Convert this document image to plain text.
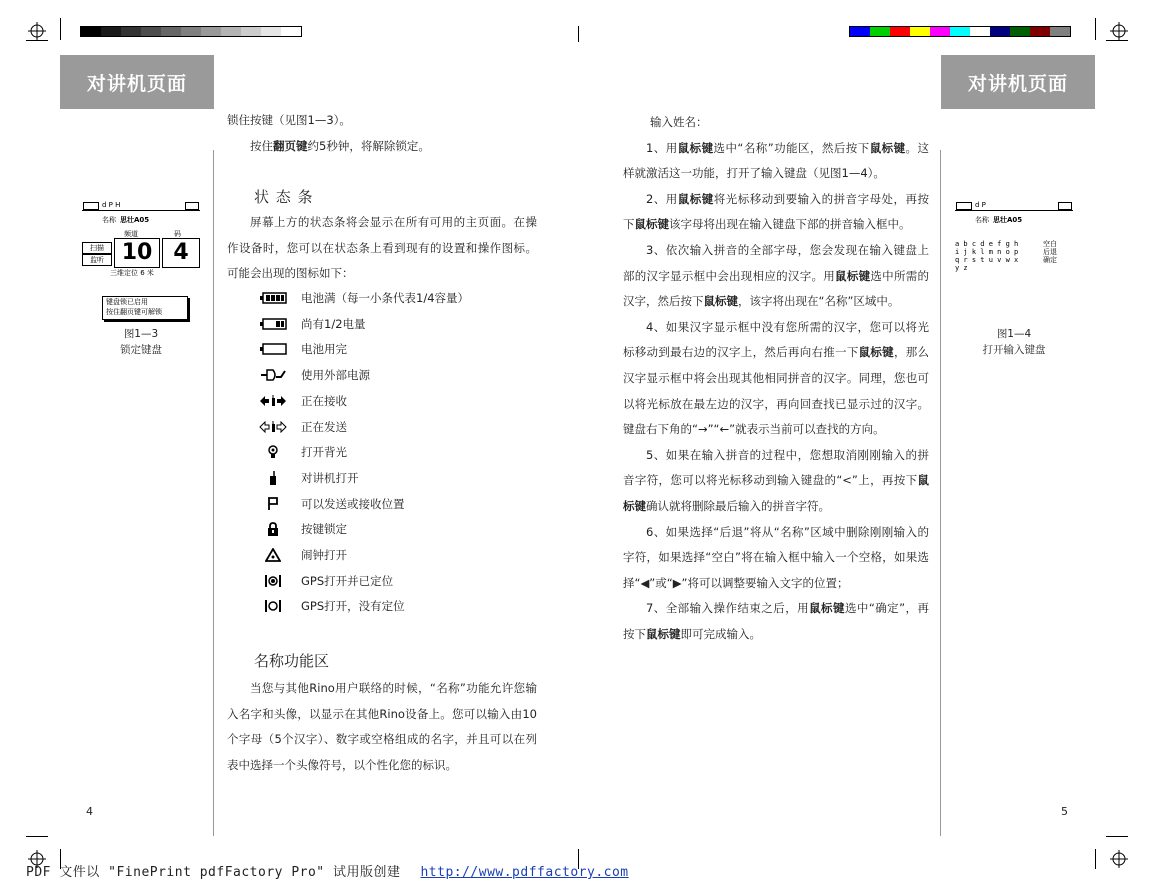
对讲机页面	对讲机页面

锁住按键（见图1—3）。

按住翻页键约5秒钟，将解除锁定。

状 态 条

屏幕上方的状态条将会显示在所有可用的主页面。在操作设备时，您可以在状态条上看到现有的设置和操作图标。可能会出现的图标如下：

电池满（每一小条代表1/4容量）
尚有1/2电量
电池用完
使用外部电源
正在接收
正在发送
打开背光
对讲机打开
可以发送或接收位置
按键锁定
闹钟打开
GPS打开并已定位
GPS打开，没有定位
名称功能区

当您与其他Rino用户联络的时候，“名称”功能允许您输入名字和头像，以显示在其他Rino设备上。您可以输入由10个字母（5个汉字）、数字或空格组成的名字，并且可以在列表中选择一个头像符号，以个性化您的标识。

d P H
名称 思壮A05
频道	码
扫描
监听 10 4
三维定位 6 米
键盘锁已启用
按住翻页键可解锁
图1—3
锁定键盘
4

输入姓名：

1、用鼠标键选中“名称”功能区，然后按下鼠标键。这样就激活这一功能，打开了输入键盘（见图1—4）。

2、用鼠标键将光标移动到要输入的拼音字母处，再按下鼠标键该字母将出现在输入键盘下部的拼音输入框中。

3、依次输入拼音的全部字母，您会发现在输入键盘上部的汉字显示框中会出现相应的汉字。用鼠标键选中所需的汉字，然后按下鼠标键，该字将出现在“名称”区域中。

4、如果汉字显示框中没有您所需的汉字，您可以将光标移动到最右边的汉字上，然后再向右推一下鼠标键，那么汉字显示框中将会出现其他相同拼音的汉字。同理，您也可以将光标放在最左边的汉字，再向回查找已显示过的汉字。键盘右下角的“→”“←”就表示当前可以查找的方向。

5、如果在输入拼音的过程中，您想取消刚刚输入的拼音字符，您可以将光标移动到输入键盘的“<”上，再按下鼠标键确认就将删除最后输入的拼音字符。

6、如果选择“后退”将从“名称”区域中删除刚刚输入的字符，如果选择“空白”将在输入框中输入一个空格，如果选择“◀”或“▶”将可以调整要输入文字的位置；

7、全部输入操作结束之后，用鼠标键选中“确定”，再按下鼠标键即可完成输入。

d P
名称 思壮A05
a b c d e f g h
i j k l m n o p
q r s t u v w x
y z
空白
后退
确定
图1—4
打开输入键盘
5
PDF 文件以 "FinePrint pdfFactory Pro" 试用版创建 http://www.pdffactory.com
